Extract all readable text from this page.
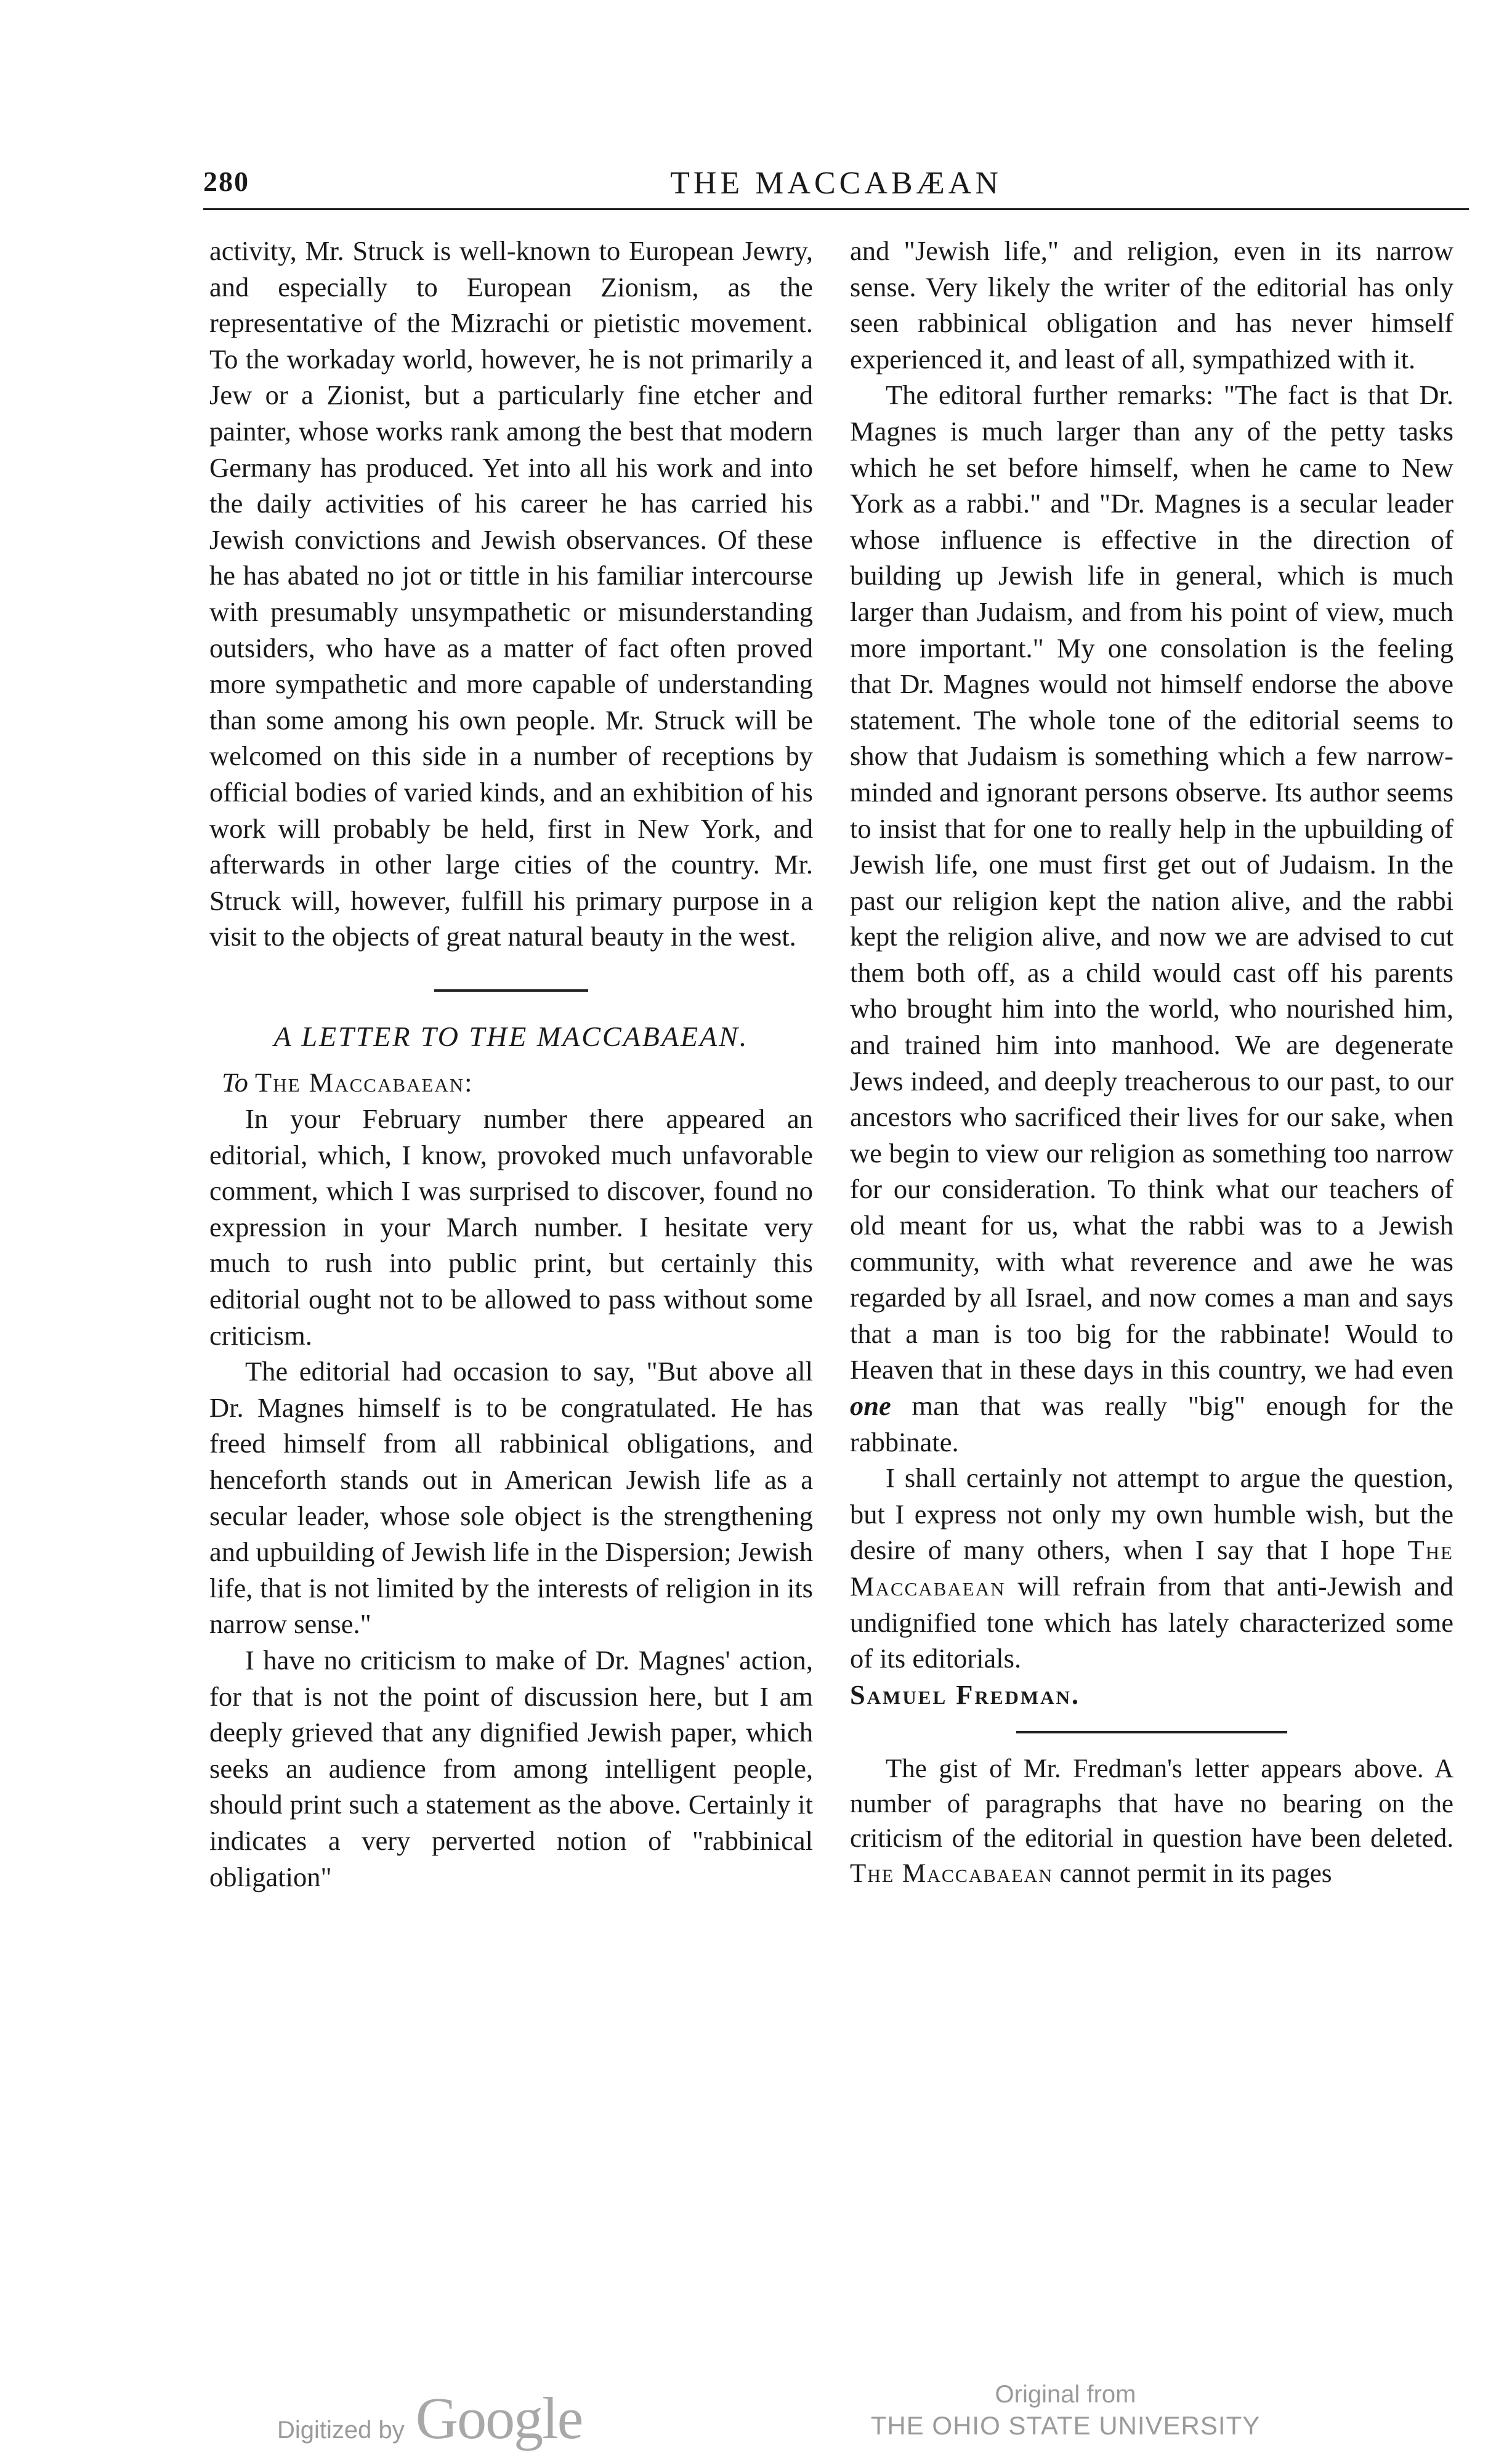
280	THE MACCABÆAN

activity, Mr. Struck is well-known to European Jewry, and especially to European Zionism, as the representative of the Mizrachi or pietistic movement. To the workaday world, however, he is not primarily a Jew or a Zionist, but a particularly fine etcher and painter, whose works rank among the best that modern Germany has produced. Yet into all his work and into the daily activities of his career he has carried his Jewish convictions and Jewish observances. Of these he has abated no jot or tittle in his familiar intercourse with presumably unsympathetic or misunderstanding outsiders, who have as a matter of fact often proved more sympathetic and more capable of understanding than some among his own people. Mr. Struck will be welcomed on this side in a number of receptions by official bodies of varied kinds, and an exhibition of his work will probably be held, first in New York, and afterwards in other large cities of the country. Mr. Struck will, however, fulfill his primary purpose in a visit to the objects of great natural beauty in the west.

A LETTER TO THE MACCABAEAN.

To The Maccabaean:

In your February number there appeared an editorial, which, I know, provoked much unfavorable comment, which I was surprised to discover, found no expression in your March number. I hesitate very much to rush into public print, but certainly this editorial ought not to be allowed to pass without some criticism.

The editorial had occasion to say, "But above all Dr. Magnes himself is to be congratulated. He has freed himself from all rabbinical obligations, and henceforth stands out in American Jewish life as a secular leader, whose sole object is the strengthening and upbuilding of Jewish life in the Dispersion; Jewish life, that is not limited by the interests of religion in its narrow sense."

I have no criticism to make of Dr. Magnes' action, for that is not the point of discussion here, but I am deeply grieved that any dignified Jewish paper, which seeks an audience from among intelligent people, should print such a statement as the above. Certainly it indicates a very perverted notion of "rabbinical obligation"

and "Jewish life," and religion, even in its narrow sense. Very likely the writer of the editorial has only seen rabbinical obligation and has never himself experienced it, and least of all, sympathized with it.

The editoral further remarks: "The fact is that Dr. Magnes is much larger than any of the petty tasks which he set before himself, when he came to New York as a rabbi." and "Dr. Magnes is a secular leader whose influence is effective in the direction of building up Jewish life in general, which is much larger than Judaism, and from his point of view, much more important." My one consolation is the feeling that Dr. Magnes would not himself endorse the above statement. The whole tone of the editorial seems to show that Judaism is something which a few narrow-minded and ignorant persons observe. Its author seems to insist that for one to really help in the upbuilding of Jewish life, one must first get out of Judaism. In the past our religion kept the nation alive, and the rabbi kept the religion alive, and now we are advised to cut them both off, as a child would cast off his parents who brought him into the world, who nourished him, and trained him into manhood. We are degenerate Jews indeed, and deeply treacherous to our past, to our ancestors who sacrificed their lives for our sake, when we begin to view our religion as something too narrow for our consideration. To think what our teachers of old meant for us, what the rabbi was to a Jewish community, with what reverence and awe he was regarded by all Israel, and now comes a man and says that a man is too big for the rabbinate! Would to Heaven that in these days in this country, we had even one man that was really "big" enough for the rabbinate.

I shall certainly not attempt to argue the question, but I express not only my own humble wish, but the desire of many others, when I say that I hope The Maccabaean will refrain from that anti-Jewish and undignified tone which has lately characterized some of its editorials.

Samuel Fredman.

The gist of Mr. Fredman's letter appears above. A number of paragraphs that have no bearing on the criticism of the editorial in question have been deleted. The Maccabaean cannot permit in its pages

Digitized by Google	Original from
THE OHIO STATE UNIVERSITY
